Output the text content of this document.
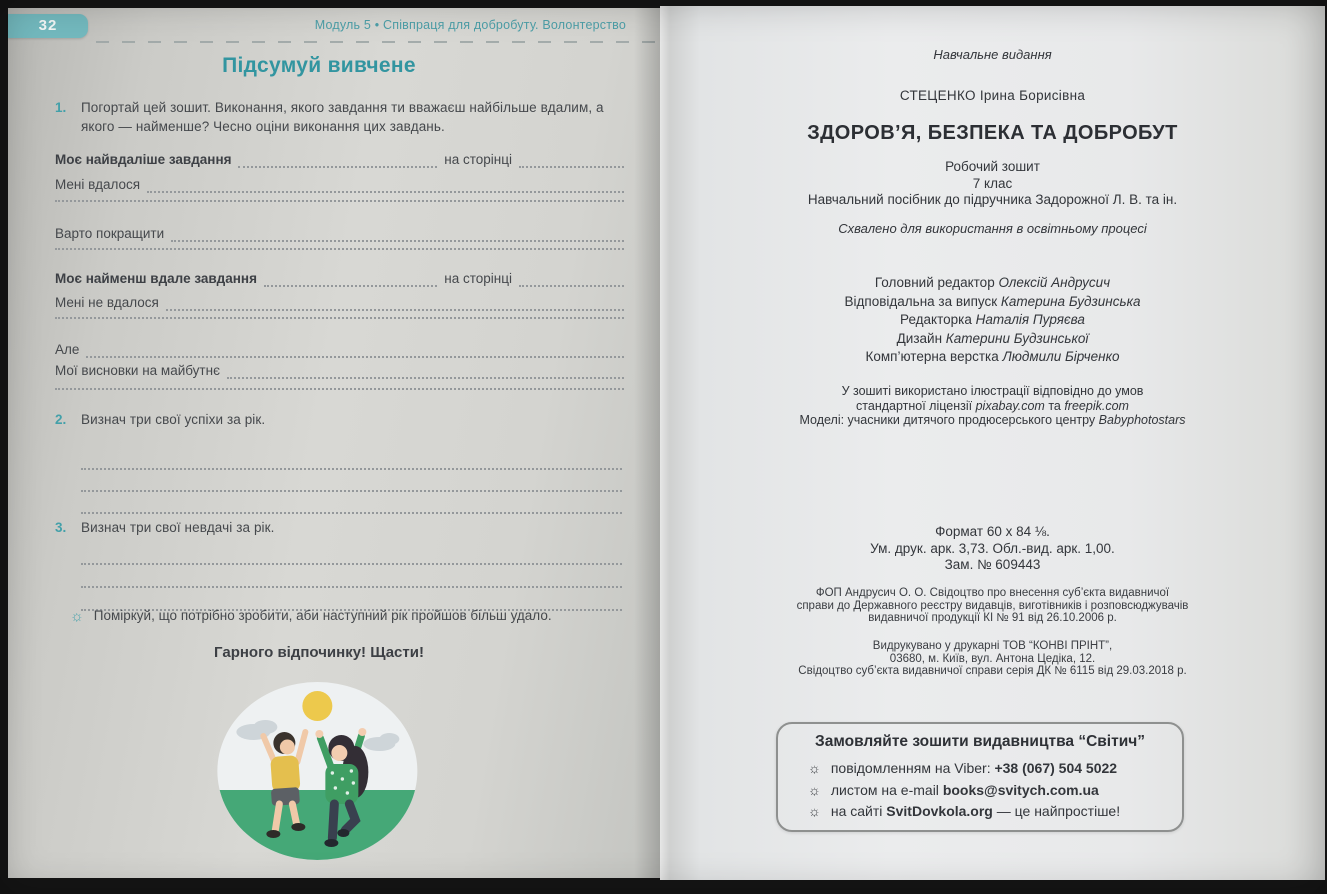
32	Модуль 5 • Співпраця для добробуту. Волонтерство
Підсумуй вивчене
1. Погортай цей зошит. Виконання, якого завдання ти вважаєш найбільше вдалим, а якого — найменше? Чесно оціни виконання цих завдань.
Моє найвдаліше завдання	на сторінці
Мені вдалося
Варто покращити
Моє найменш вдале завдання	на сторінці
Мені не вдалося
Але
Мої висновки на майбутнє
2. Визнач три свої успіхи за рік.
3. Визнач три свої невдачі за рік.
☼ Поміркуй, що потрібно зробити, аби наступний рік пройшов більш удало.
Гарного відпочинку! Щасти!
Навчальне видання
СТЕЦЕНКО Ірина Борисівна
ЗДОРОВ’Я, БЕЗПЕКА ТА ДОБРОБУТ
Робочий зошит
7 клас
Навчальний посібник до підручника Задорожної Л. В. та ін.
Схвалено для використання в освітньому процесі
Головний редактор Олексій Андрусич
Відповідальна за випуск Катерина Будзинська
Редакторка Наталія Пуряєва
Дизайн Катерини Будзинської
Комп’ютерна верстка Людмили Бірченко
У зошиті використано ілюстрації відповідно до умов
стандартної ліцензії pixabay.com та freepik.com
Моделі: учасники дитячого продюсерського центру Babyphotostars
Формат 60 х 84 ⅛.
Ум. друк. арк. 3,73. Обл.-вид. арк. 1,00.
Зам. № 609443
ФОП Андрусич О. О. Свідоцтво про внесення суб’єкта видавничої
справи до Державного реєстру видавців, виготівників і розповсюджувачів
видавничої продукції КІ № 91 від 26.10.2006 р.
Видрукувано у друкарні ТОВ “КОНВІ ПРІНТ”,
03680, м. Київ, вул. Антона Цедіка, 12.
Свідоцтво суб’єкта видавничої справи серія ДК № 6115 від 29.03.2018 р.
Замовляйте зошити видавництва “Світич”
☼ повідомленням на Viber: +38 (067) 504 5022
☼ листом на e-mail books@svitych.com.ua
☼ на сайті SvitDovkola.org — це найпростіше!
